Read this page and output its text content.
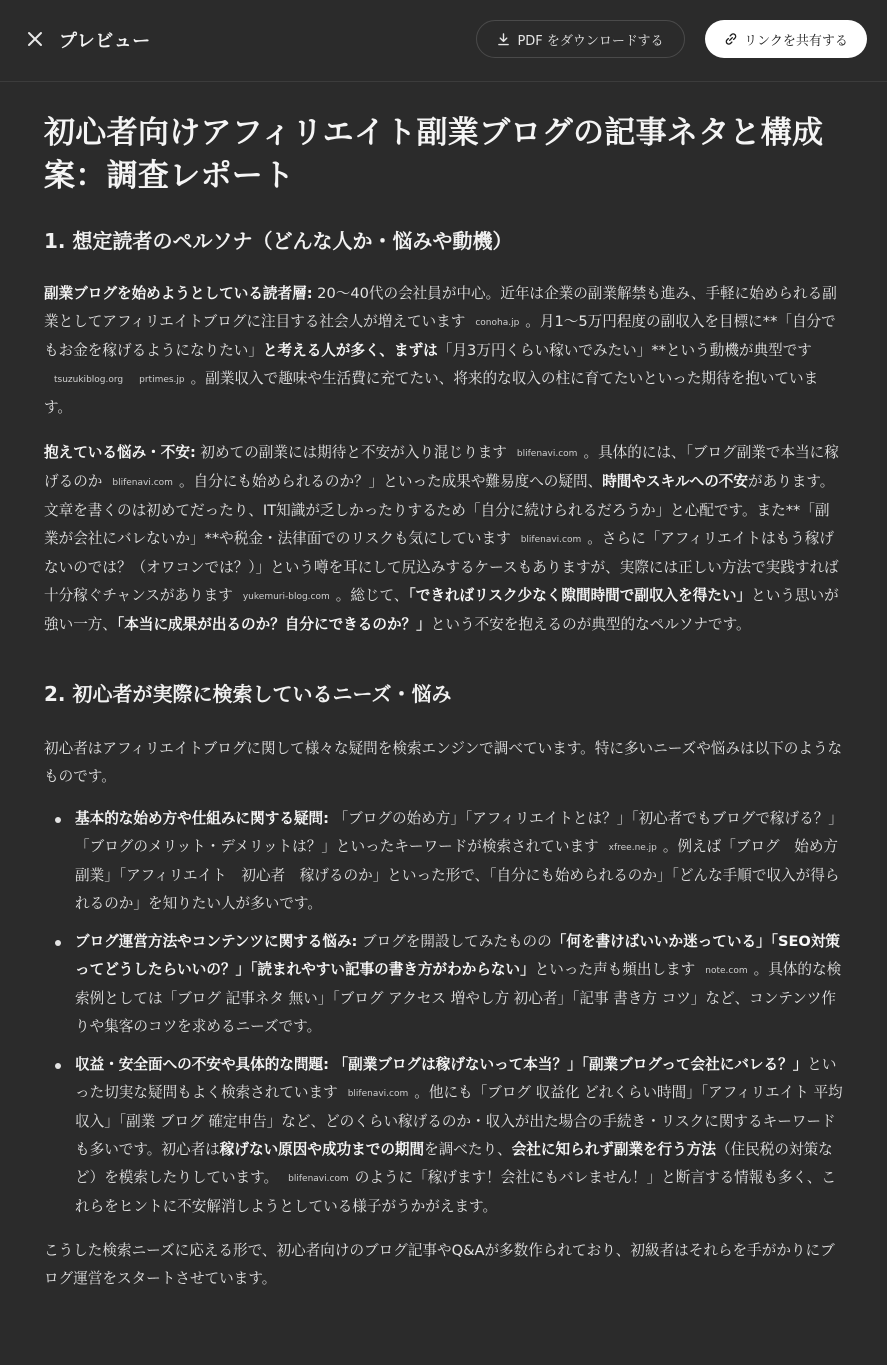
プレビュー	PDF をダウンロードする	リンクを共有する
初心者向けアフィリエイト副業ブログの記事ネタと構成案：調査レポート
1. 想定読者のペルソナ（どんな人か・悩みや動機）

副業ブログを始めようとしている読者層: 20〜40代の会社員が中心。近年は企業の副業解禁も進み、手軽に始められる副業としてアフィリエイトブログに注目する社会人が増えています conoha.jp 。月1〜5万円程度の副収入を目標に**「自分でもお金を稼げるようになりたい」と考える人が多く、まずは「月3万円くらい稼いでみたい」**という動機が典型ですtsuzukiblog.org prtimes.jp 。副業収入で趣味や生活費に充てたい、将来的な収入の柱に育てたいといった期待を抱いています。

抱えている悩み・不安: 初めての副業には期待と不安が入り混じります blifenavi.com 。具体的には、「ブログ副業で本当に稼げるのか blifenavi.com 。自分にも始められるのか？」といった成果や難易度への疑問、時間やスキルへの不安があります。文章を書くのは初めてだったり、IT知識が乏しかったりするため「自分に続けられるだろうか」と心配です。また**「副業が会社にバレないか」**や税金・法律面でのリスクも気にしています blifenavi.com 。さらに「アフィリエイトはもう稼げないのでは？（オワコンでは？）」という噂を耳にして尻込みするケースもありますが、実際には正しい方法で実践すれば十分稼ぐチャンスがあります yukemuri-blog.com 。総じて、「できればリスク少なく隙間時間で副収入を得たい」という思いが強い一方、「本当に成果が出るのか？自分にできるのか？」という不安を抱えるのが典型的なペルソナです。

2. 初心者が実際に検索しているニーズ・悩み

初心者はアフィリエイトブログに関して様々な疑問を検索エンジンで調べています。特に多いニーズや悩みは以下のようなものです。

基本的な始め方や仕組みに関する疑問: 「ブログの始め方」「アフィリエイトとは？」「初心者でもブログで稼げる？」「ブログのメリット・デメリットは？」といったキーワードが検索されています xfree.ne.jp 。例えば「ブログ　始め方　副業」「アフィリエイト　初心者　稼げるのか」といった形で、「自分にも始められるのか」「どんな手順で収入が得られるのか」を知りたい人が多いです。
ブログ運営方法やコンテンツに関する悩み: ブログを開設してみたものの「何を書けばいいか迷っている」「SEO対策ってどうしたらいいの？」「読まれやすい記事の書き方がわからない」といった声も頻出します note.com 。具体的な検索例としては「ブログ 記事ネタ 無い」「ブログ アクセス 増やし方 初心者」「記事 書き方 コツ」など、コンテンツ作りや集客のコツを求めるニーズです。
収益・安全面への不安や具体的な問題: 「副業ブログは稼げないって本当？」「副業ブログって会社にバレる？」といった切実な疑問もよく検索されています blifenavi.com 。他にも「ブログ 収益化 どれくらい時間」「アフィリエイト 平均収入」「副業 ブログ 確定申告」など、どのくらい稼げるのか・収入が出た場合の手続き・リスクに関するキーワードも多いです。初心者は稼げない原因や成功までの期間を調べたり、会社に知られず副業を行う方法（住民税の対策など）を模索したりしています。 blifenavi.com のように「稼げます！会社にもバレません！」と断言する情報も多く、これらをヒントに不安解消しようとしている様子がうかがえます。

こうした検索ニーズに応える形で、初心者向けのブログ記事やQ&Aが多数作られており、初級者はそれらを手がかりにブログ運営をスタートさせています。
